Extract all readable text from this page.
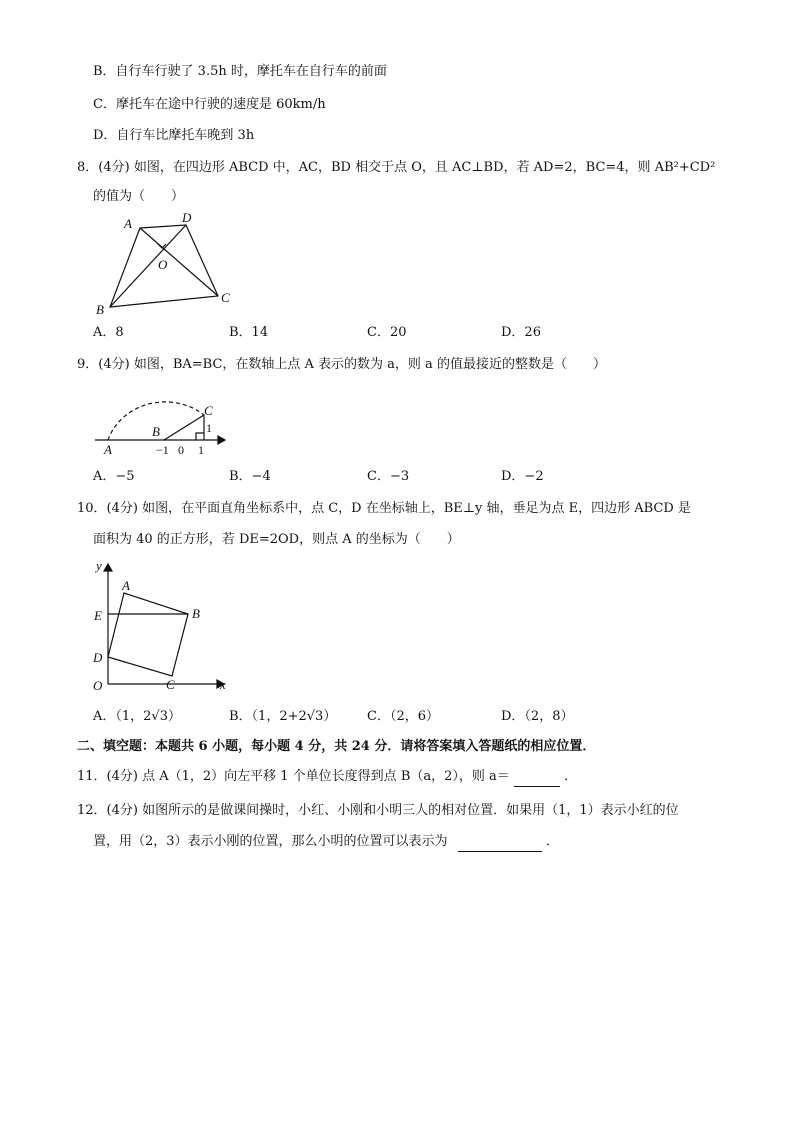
B．自行车行驶了 3.5h 时，摩托车在自行车的前面
C．摩托车在途中行驶的速度是 60km/h
D．自行车比摩托车晚到 3h
8．(4分) 如图，在四边形 ABCD 中，AC，BD 相交于点 O，且 AC⊥BD，若 AD=2，BC=4，则 AB²+CD²
的值为（　　）
A	D
O
C
B
A．8	B．14	C．20	D．26
9．(4分) 如图，BA=BC，在数轴上点 A 表示的数为 a，则 a 的值最接近的整数是（　　）
A
B
C
−1 0 1
1
A．−5	B．−4	C．−3	D．−2
10．(4分) 如图，在平面直角坐标系中，点 C，D 在坐标轴上，BE⊥y 轴，垂足为点 E，四边形 ABCD 是
面积为 40 的正方形，若 DE=2OD，则点 A 的坐标为（　　）
y
x
A
B
C
D
E
O
A．（1，2√3）	B．（1，2+2√3） C．（2，6）	D．（2，8）
二、填空题：本题共 6 小题，每小题 4 分，共 24 分．请将答案填入答题纸的相应位置．
11．(4分) 点 A（1，2）向左平移 1 个单位长度得到点 B（a，2），则 a＝	．
12．(4分) 如图所示的是做课间操时，小红、小刚和小明三人的相对位置．如果用（1，1）表示小红的位
置，用（2，3）表示小刚的位置，那么小明的位置可以表示为	．
